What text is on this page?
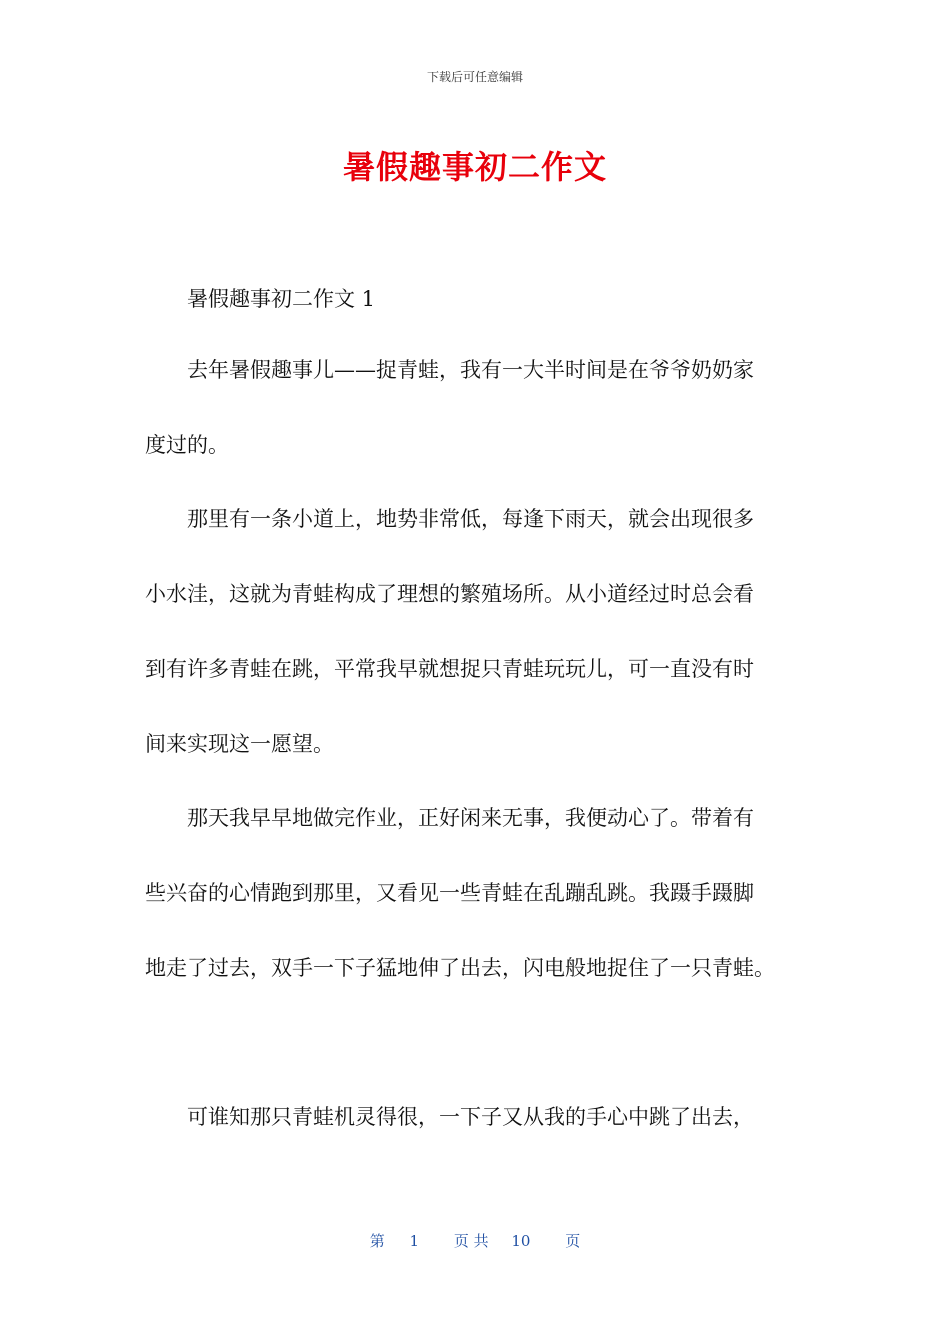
下载后可任意编辑
暑假趣事初二作文
暑假趣事初二作文 1
去年暑假趣事儿——捉青蛙，我有一大半时间是在爷爷奶奶家
度过的。
那里有一条小道上，地势非常低，每逢下雨天，就会出现很多
小水洼，这就为青蛙构成了理想的繁殖场所。从小道经过时总会看
到有许多青蛙在跳，平常我早就想捉只青蛙玩玩儿，可一直没有时
间来实现这一愿望。
那天我早早地做完作业，正好闲来无事，我便动心了。带着有
些兴奋的心情跑到那里，又看见一些青蛙在乱蹦乱跳。我蹑手蹑脚
地走了过去，双手一下子猛地伸了出去，闪电般地捉住了一只青蛙。
可谁知那只青蛙机灵得很，一下子又从我的手心中跳了出去，
第 1 页 共 10 页
